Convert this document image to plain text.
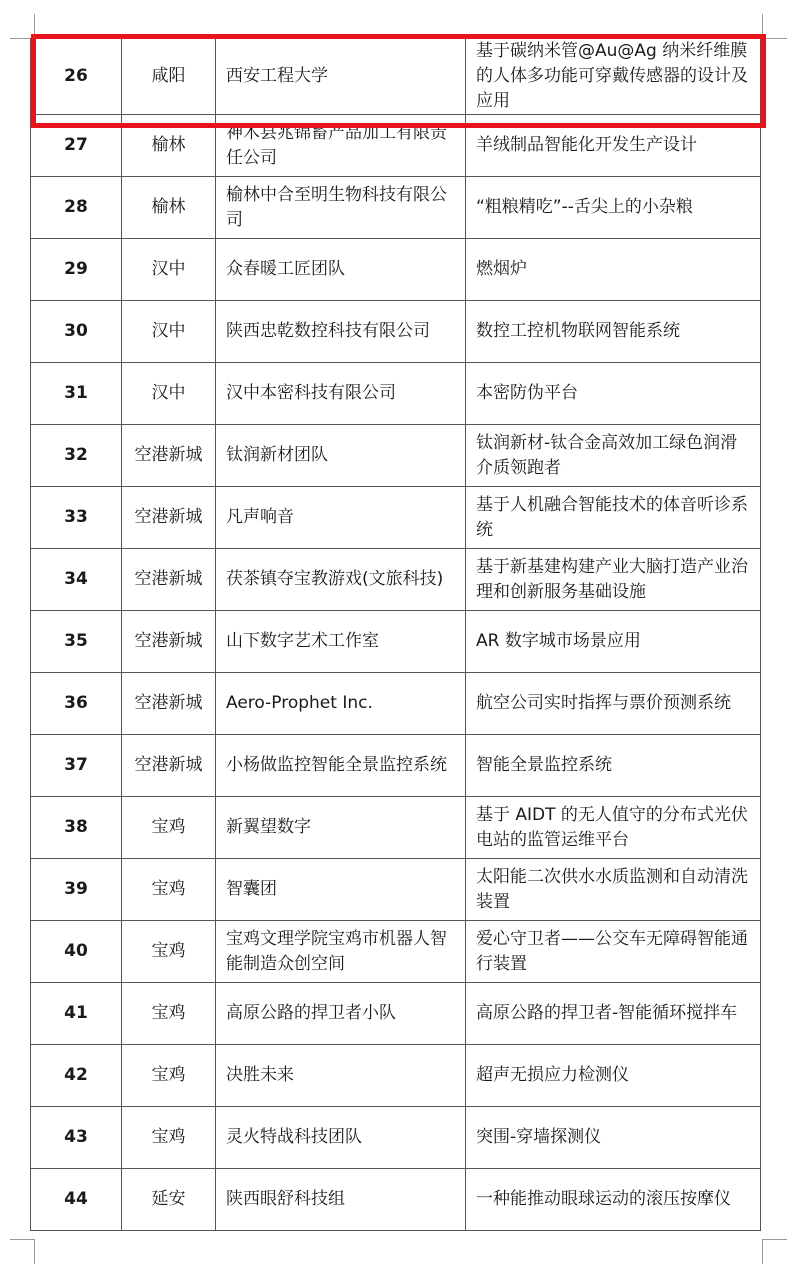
26	咸阳	西安工程大学	基于碳纳米管@Au@Ag 纳米纤维膜的人体多功能可穿戴传感器的设计及应用
27	榆林	神木县兆锦畜产品加工有限责任公司	羊绒制品智能化开发生产设计
28	榆林	榆林中合至明生物科技有限公司	“粗粮精吃”--舌尖上的小杂粮
29	汉中	众春暖工匠团队	燃烟炉
30	汉中	陕西忠乾数控科技有限公司	数控工控机物联网智能系统
31	汉中	汉中本密科技有限公司	本密防伪平台
32	空港新城	钛润新材团队	钛润新材-钛合金高效加工绿色润滑介质领跑者
33	空港新城	凡声响音	基于人机融合智能技术的体音听诊系统
34	空港新城	茯茶镇夺宝教游戏(文旅科技)	基于新基建构建产业大脑打造产业治理和创新服务基础设施
35	空港新城	山下数字艺术工作室	AR 数字城市场景应用
36	空港新城	Aero-Prophet Inc.	航空公司实时指挥与票价预测系统
37	空港新城	小杨做监控智能全景监控系统	智能全景监控系统
38	宝鸡	新翼望数字	基于 AIDT 的无人值守的分布式光伏电站的监管运维平台
39	宝鸡	智囊团	太阳能二次供水水质监测和自动清洗装置
40	宝鸡	宝鸡文理学院宝鸡市机器人智能制造众创空间	爱心守卫者——公交车无障碍智能通行装置
41	宝鸡	高原公路的捍卫者小队	高原公路的捍卫者-智能循环搅拌车
42	宝鸡	决胜未来	超声无损应力检测仪
43	宝鸡	灵火特战科技团队	突围-穿墙探测仪
44	延安	陕西眼舒科技组	一种能推动眼球运动的滚压按摩仪
